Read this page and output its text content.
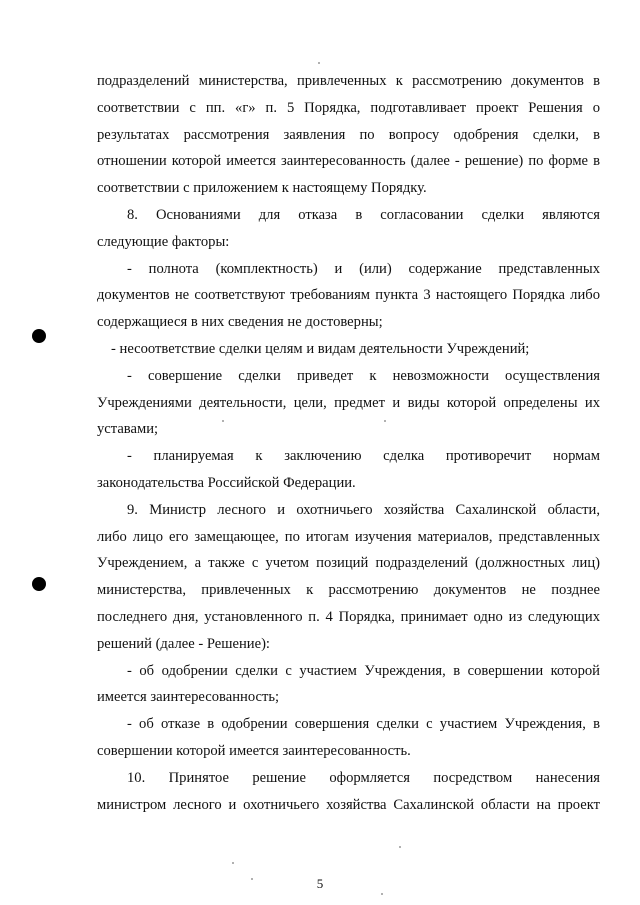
подразделений министерства, привлеченных к рассмотрению документов в
соответствии с пп. «г» п. 5 Порядка, подготавливает проект Решения о
результатах рассмотрения заявления по вопросу одобрения сделки, в
отношении которой имеется заинтересованность (далее - решение) по форме в
соответствии с приложением к настоящему Порядку.
8. Основаниями для отказа в согласовании сделки являются
следующие факторы:
- полнота (комплектность) и (или) содержание представленных
документов не соответствуют требованиям пункта 3 настоящего Порядка либо
содержащиеся в них сведения не достоверны;
- несоответствие сделки целям и видам деятельности Учреждений;
- совершение сделки приведет к невозможности осуществления
Учреждениями деятельности, цели, предмет и виды которой определены их
уставами;
- планируемая к заключению сделка противоречит нормам
законодательства Российской Федерации.
9. Министр лесного и охотничьего хозяйства Сахалинской области,
либо лицо его замещающее, по итогам изучения материалов, представленных
Учреждением, а также с учетом позиций подразделений (должностных лиц)
министерства, привлеченных к рассмотрению документов не позднее
последнего дня, установленного п. 4 Порядка, принимает одно из следующих
решений (далее - Решение):
- об одобрении сделки с участием Учреждения, в совершении которой
имеется заинтересованность;
- об отказе в одобрении совершения сделки с участием Учреждения, в
совершении которой имеется заинтересованность.
10. Принятое решение оформляется посредством нанесения
министром лесного и охотничьего хозяйства Сахалинской области на проект
5
